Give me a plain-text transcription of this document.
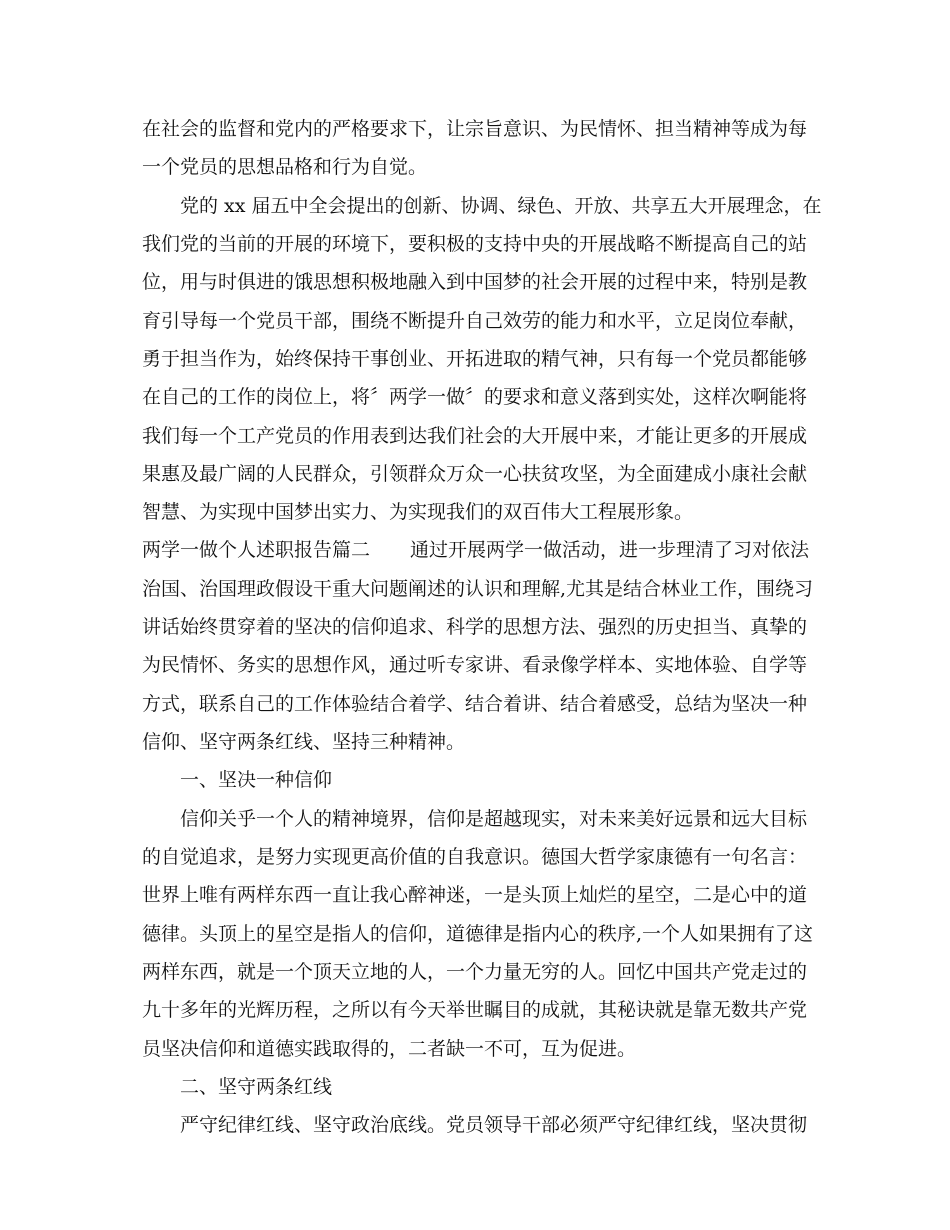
在社会的监督和党内的严格要求下，让宗旨意识、为民情怀、担当精神等成为每
一个党员的思想品格和行为自觉。
党的 xx 届五中全会提出的创新、协调、绿色、开放、共享五大开展理念，在
我们党的当前的开展的环境下，要积极的支持中央的开展战略不断提高自己的站
位，用与时俱进的饿思想积极地融入到中国梦的社会开展的过程中来，特别是教
育引导每一个党员干部，围绕不断提升自己效劳的能力和水平，立足岗位奉献，
勇于担当作为，始终保持干事创业、开拓进取的精气神，只有每一个党员都能够
在自己的工作的岗位上，将〞两学一做〞的要求和意义落到实处，这样次啊能将
我们每一个工产党员的作用表到达我们社会的大开展中来，才能让更多的开展成
果惠及最广阔的人民群众，引领群众万众一心扶贫攻坚，为全面建成小康社会献
智慧、为实现中国梦出实力、为实现我们的双百伟大工程展形象。
两学一做个人述职报告篇二 通过开展两学一做活动，进一步理清了习对依法
治国、治国理政假设干重大问题阐述的认识和理解,尤其是结合林业工作，围绕习
讲话始终贯穿着的坚决的信仰追求、科学的思想方法、强烈的历史担当、真挚的
为民情怀、务实的思想作风，通过听专家讲、看录像学样本、实地体验、自学等
方式，联系自己的工作体验结合着学、结合着讲、结合着感受，总结为坚决一种
信仰、坚守两条红线、坚持三种精神。
一、坚决一种信仰
信仰关乎一个人的精神境界，信仰是超越现实，对未来美好远景和远大目标
的自觉追求，是努力实现更高价值的自我意识。德国大哲学家康德有一句名言：
世界上唯有两样东西一直让我心醉神迷，一是头顶上灿烂的星空，二是心中的道
德律。头顶上的星空是指人的信仰，道德律是指内心的秩序,一个人如果拥有了这
两样东西，就是一个顶天立地的人，一个力量无穷的人。回忆中国共产党走过的
九十多年的光辉历程，之所以有今天举世瞩目的成就，其秘诀就是靠无数共产党
员坚决信仰和道德实践取得的，二者缺一不可，互为促进。
二、坚守两条红线
严守纪律红线、坚守政治底线。党员领导干部必须严守纪律红线，坚决贯彻
